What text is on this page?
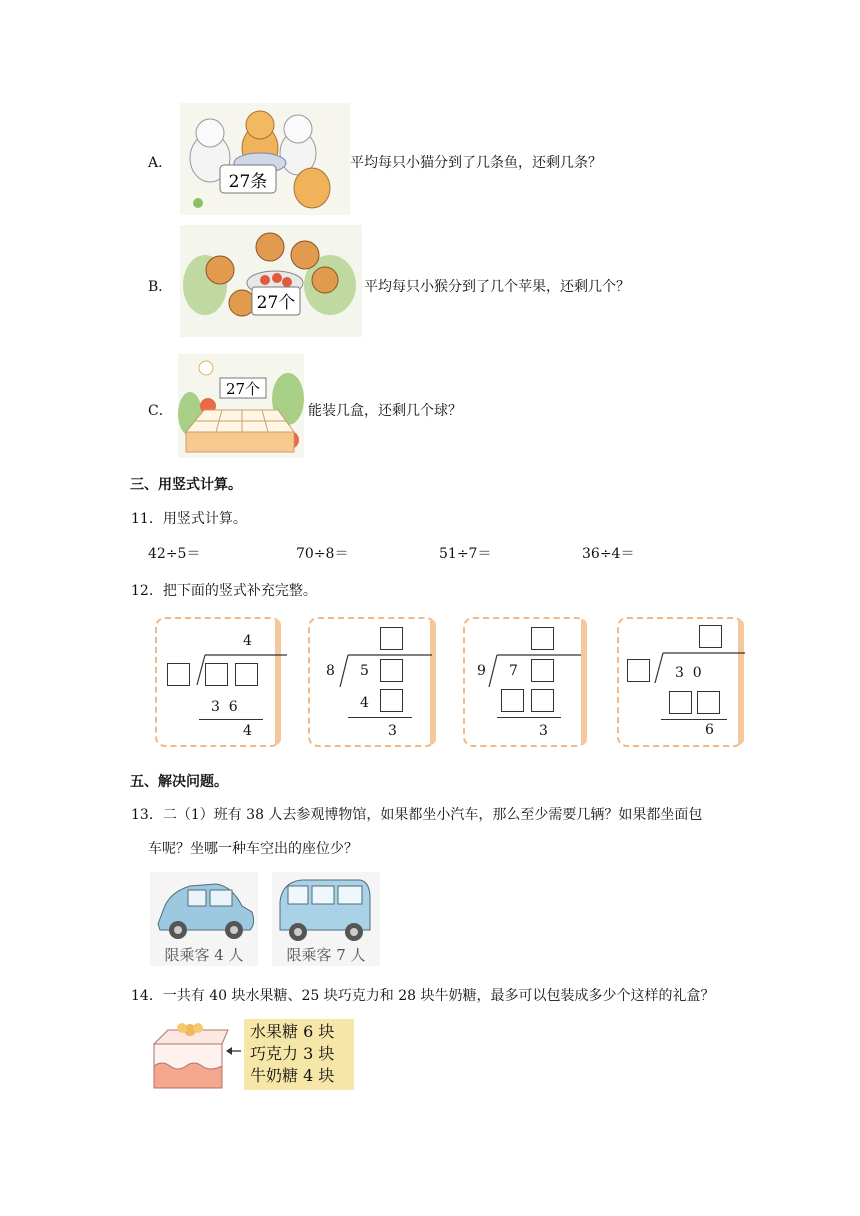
A．
27条
平均每只小猫分到了几条鱼，还剩几条？
B．
27个
平均每只小猴分到了几个苹果，还剩几个？
C．
27个
能装几盒，还剩几个球？
三、用竖式计算。
11．用竖式计算。
42÷5＝	70÷8＝	51÷7＝	36÷4＝
12．把下面的竖式补充完整。
4
3  6
4
8 5
4
3
9 7
3
3  0
6
五、解决问题。
13．二（1）班有 38 人去参观博物馆，如果都坐小汽车，那么至少需要几辆？如果都坐面包
车呢？坐哪一种车空出的座位少？
限乘客 4 人	限乘客 7 人
14．一共有 40 块水果糖、25 块巧克力和 28 块牛奶糖，最多可以包装成多少个这样的礼盒？
水果糖 6 块
巧克力 3 块
牛奶糖 4 块
